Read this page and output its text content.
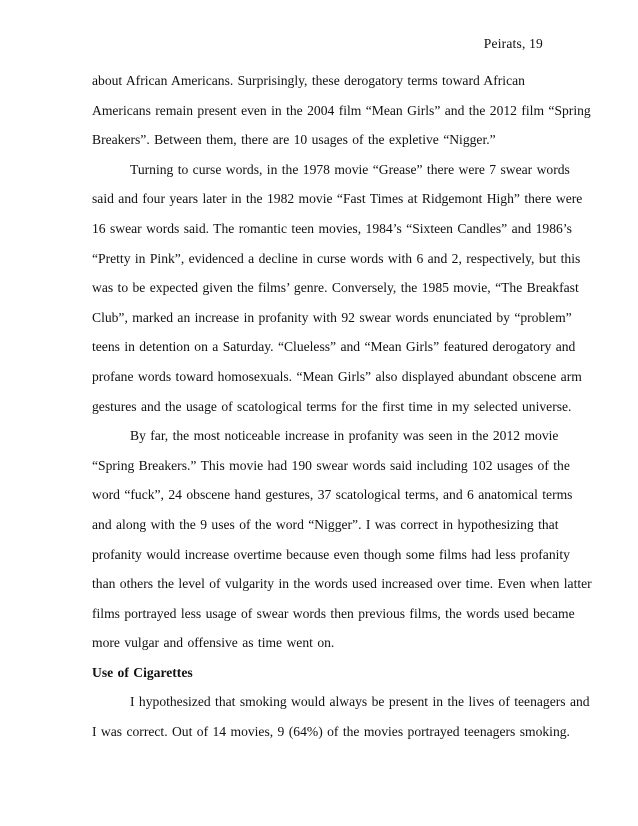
Peirats, 19
about African Americans. Surprisingly, these derogatory terms toward African
Americans remain present even in the 2004 film “Mean Girls” and the 2012 film “Spring
Breakers”. Between them, there are 10 usages of the expletive “Nigger.”
Turning to curse words, in the 1978 movie “Grease” there were 7 swear words
said and four years later in the 1982 movie “Fast Times at Ridgemont High” there were
16 swear words said. The romantic teen movies, 1984’s “Sixteen Candles” and 1986’s
“Pretty in Pink”, evidenced a decline in curse words with 6 and 2, respectively, but this
was to be expected given the films’ genre. Conversely, the 1985 movie, “The Breakfast
Club”, marked an increase in profanity with 92 swear words enunciated by “problem”
teens in detention on a Saturday. “Clueless” and “Mean Girls” featured derogatory and
profane words toward homosexuals. “Mean Girls” also displayed abundant obscene arm
gestures and the usage of scatological terms for the first time in my selected universe.
By far, the most noticeable increase in profanity was seen in the 2012 movie
“Spring Breakers.” This movie had 190 swear words said including 102 usages of the
word “fuck”, 24 obscene hand gestures, 37 scatological terms, and 6 anatomical terms
and along with the 9 uses of the word “Nigger”. I was correct in hypothesizing that
profanity would increase overtime because even though some films had less profanity
than others the level of vulgarity in the words used increased over time. Even when latter
films portrayed less usage of swear words then previous films, the words used became
more vulgar and offensive as time went on.
Use of Cigarettes
I hypothesized that smoking would always be present in the lives of teenagers and
I was correct. Out of 14 movies, 9 (64%) of the movies portrayed teenagers smoking.
